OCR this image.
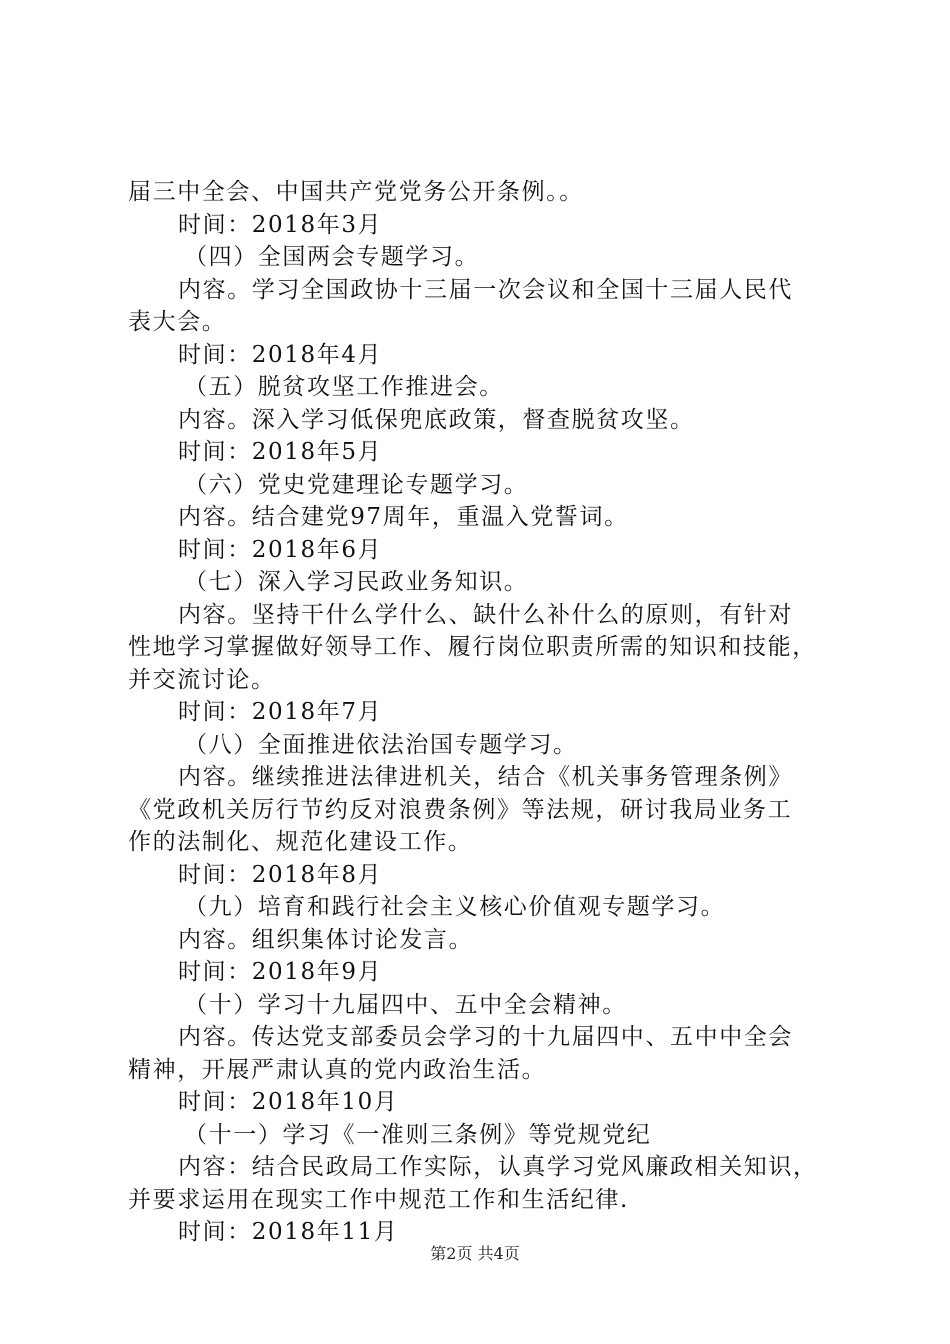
届三中全会、中国共产党党务公开条例。。
时间：2018年3月
（四）全国两会专题学习。
内容。学习全国政协十三届一次会议和全国十三届人民代
表大会。
时间：2018年4月
（五）脱贫攻坚工作推进会。
内容。深入学习低保兜底政策，督查脱贫攻坚。
时间：2018年5月
（六）党史党建理论专题学习。
内容。结合建党97周年，重温入党誓词。
时间：2018年6月
（七）深入学习民政业务知识。
内容。坚持干什么学什么、缺什么补什么的原则，有针对
性地学习掌握做好领导工作、履行岗位职责所需的知识和技能，
并交流讨论。
时间：2018年7月
（八）全面推进依法治国专题学习。
内容。继续推进法律进机关，结合《机关事务管理条例》
《党政机关厉行节约反对浪费条例》等法规，研讨我局业务工
作的法制化、规范化建设工作。
时间：2018年8月
（九）培育和践行社会主义核心价值观专题学习。
内容。组织集体讨论发言。
时间：2018年9月
（十）学习十九届四中、五中全会精神。
内容。传达党支部委员会学习的十九届四中、五中中全会
精神，开展严肃认真的党内政治生活。
时间：2018年10月
（十一）学习《一准则三条例》等党规党纪
内容：结合民政局工作实际，认真学习党风廉政相关知识，
并要求运用在现实工作中规范工作和生活纪律.
时间：2018年11月
第2页 共4页
